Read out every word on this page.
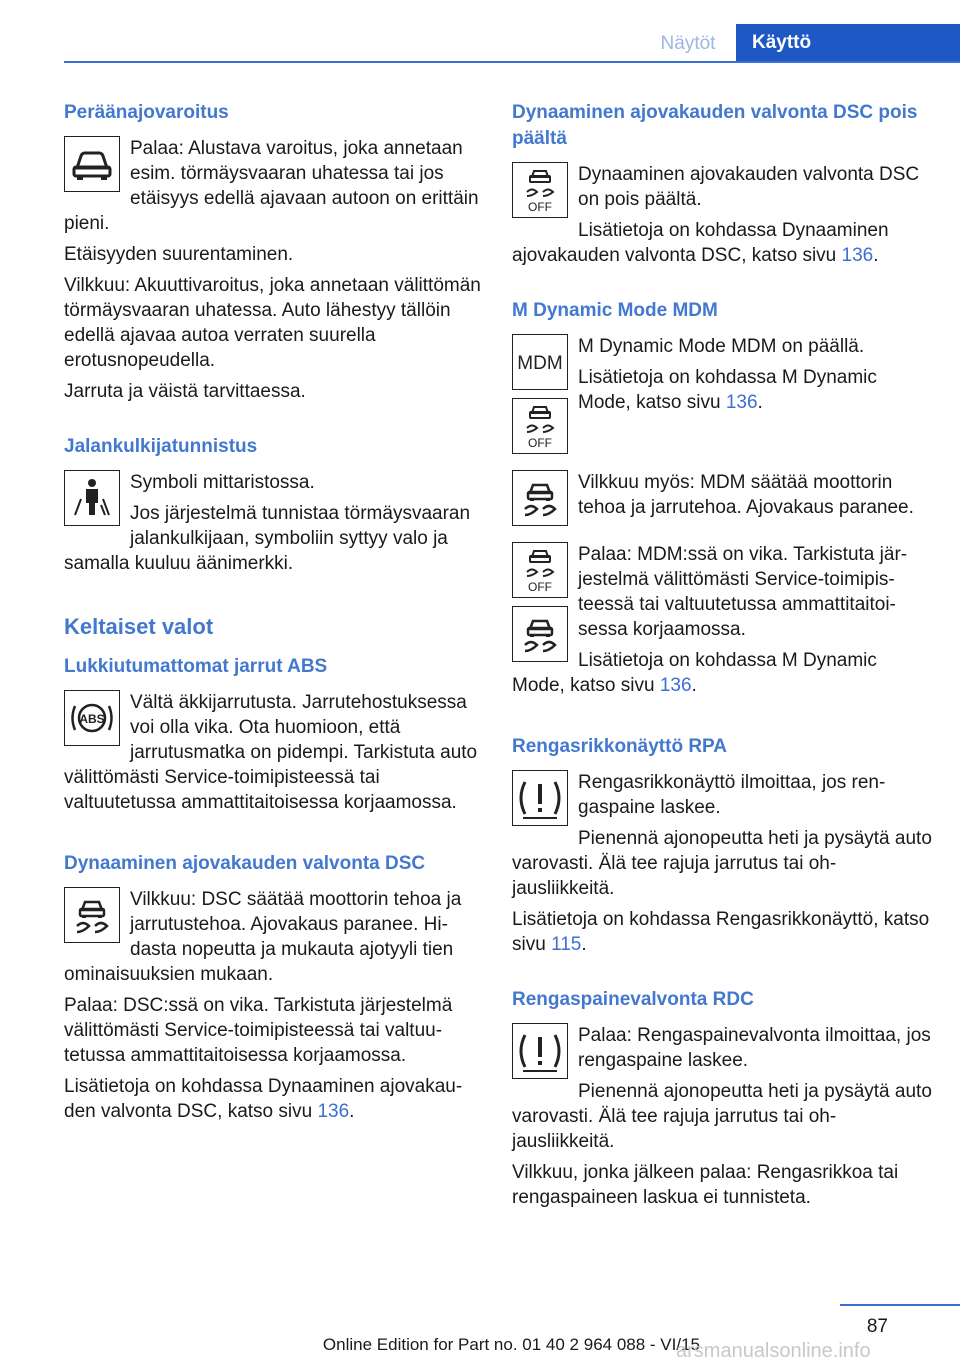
Näytöt	Käyttö
Peräänajovaroitus

Palaa: Alustava varoitus, joka annetaan esim. törmäysvaaran uhatessa tai jos etäisyys edellä ajavaan autoon on erittäin pieni.

Etäisyyden suurentaminen.

Vilkkuu: Akuuttivaroitus, joka annetaan välittömän törmäysvaaran uhatessa. Auto lähestyy tällöin edellä ajavaa autoa verraten suurella erotusnopeudella.

Jarruta ja väistä tarvittaessa.

Jalankulkijatunnistus

Symboli mittaristossa.

Jos järjestelmä tunnistaa törmäysvaaran jalankulkijaan, symboliin syttyy valo ja samalla kuuluu äänimerkki.

Keltaiset valot
Lukkiutumattomat jarrut ABS
ABS

Vältä äkkijarrutusta. Jarrutehostuksessa voi olla vika. Ota huomioon, että jarrutusmatka on pidempi. Tarkistuta auto välittömästi Service-toimipisteessä tai valtuutetussa ammattitaitoisessa korjaamossa.

Dynaaminen ajovakauden valvonta DSC

Vilkkuu: DSC säätää moottorin tehoa ja jarrutustehoa. Ajovakaus paranee. Hidasta nopeutta ja mukauta ajotyyli tien ominaisuuksien mukaan.

Palaa: DSC:ssä on vika. Tarkistuta järjestelmä välittömästi Service-toimipisteessä tai valtuutetussa ammattitaitoisessa korjaamossa.

Lisätietoja on kohdassa Dynaaminen ajovakauden valvonta DSC, katso sivu 136.

Dynaaminen ajovakauden valvonta DSC pois päältä
OFF

Dynaaminen ajovakauden valvonta DSC on pois päältä.

Lisätietoja on kohdassa Dynaaminen ajovakauden valvonta DSC, katso sivu 136.

M Dynamic Mode MDM
MDM
OFF

M Dynamic Mode MDM on päällä.

Lisätietoja on kohdassa M Dynamic Mode, katso sivu 136.

Vilkkuu myös: MDM säätää moottorin tehoa ja jarrutehoa. Ajovakaus paranee.

OFF

Palaa: MDM:ssä on vika. Tarkistuta järjestelmä välittömästi Service-toimipisteessä tai valtuutetussa ammattitaitoisessa korjaamossa.

Lisätietoja on kohdassa M Dynamic Mode, katso sivu 136.

Rengasrikkonäyttö RPA

Rengasrikkonäyttö ilmoittaa, jos rengaspaine laskee.

Pienennä ajonopeutta heti ja pysäytä auto varovasti. Älä tee rajuja jarrutus tai ohjausliikkeitä.

Lisätietoja on kohdassa Rengasrikkonäyttö, katso sivu 115.

Rengaspainevalvonta RDC

Palaa: Rengaspainevalvonta ilmoittaa, jos rengaspaine laskee.

Pienennä ajonopeutta heti ja pysäytä auto varovasti. Älä tee rajuja jarrutus tai ohjausliikkeitä.

Vilkkuu, jonka jälkeen palaa: Rengasrikkoa tai rengaspaineen laskua ei tunnisteta.

87
Online Edition for Part no. 01 40 2 964 088 - VI/15
arsmanualsonline.info
